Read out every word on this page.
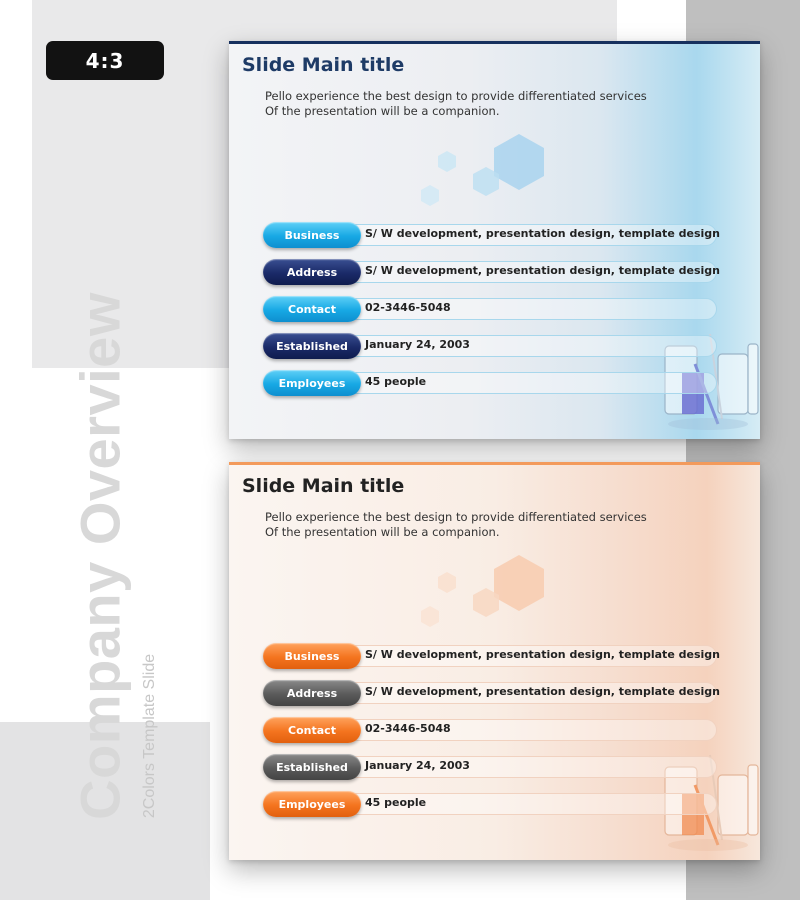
4:3
Company Overview 2Colors Template Slide
Slide Main title
Pello experience the best design to provide differentiated services
Of the presentation will be a companion.
Business	S/ W development, presentation design, template design
Address	S/ W development, presentation design, template design
Contact	02-3446-5048
Established	January 24, 2003
Employees	45 people
Slide Main title
Pello experience the best design to provide differentiated services
Of the presentation will be a companion.
Business	S/ W development, presentation design, template design
Address	S/ W development, presentation design, template design
Contact	02-3446-5048
Established	January 24, 2003
Employees	45 people
